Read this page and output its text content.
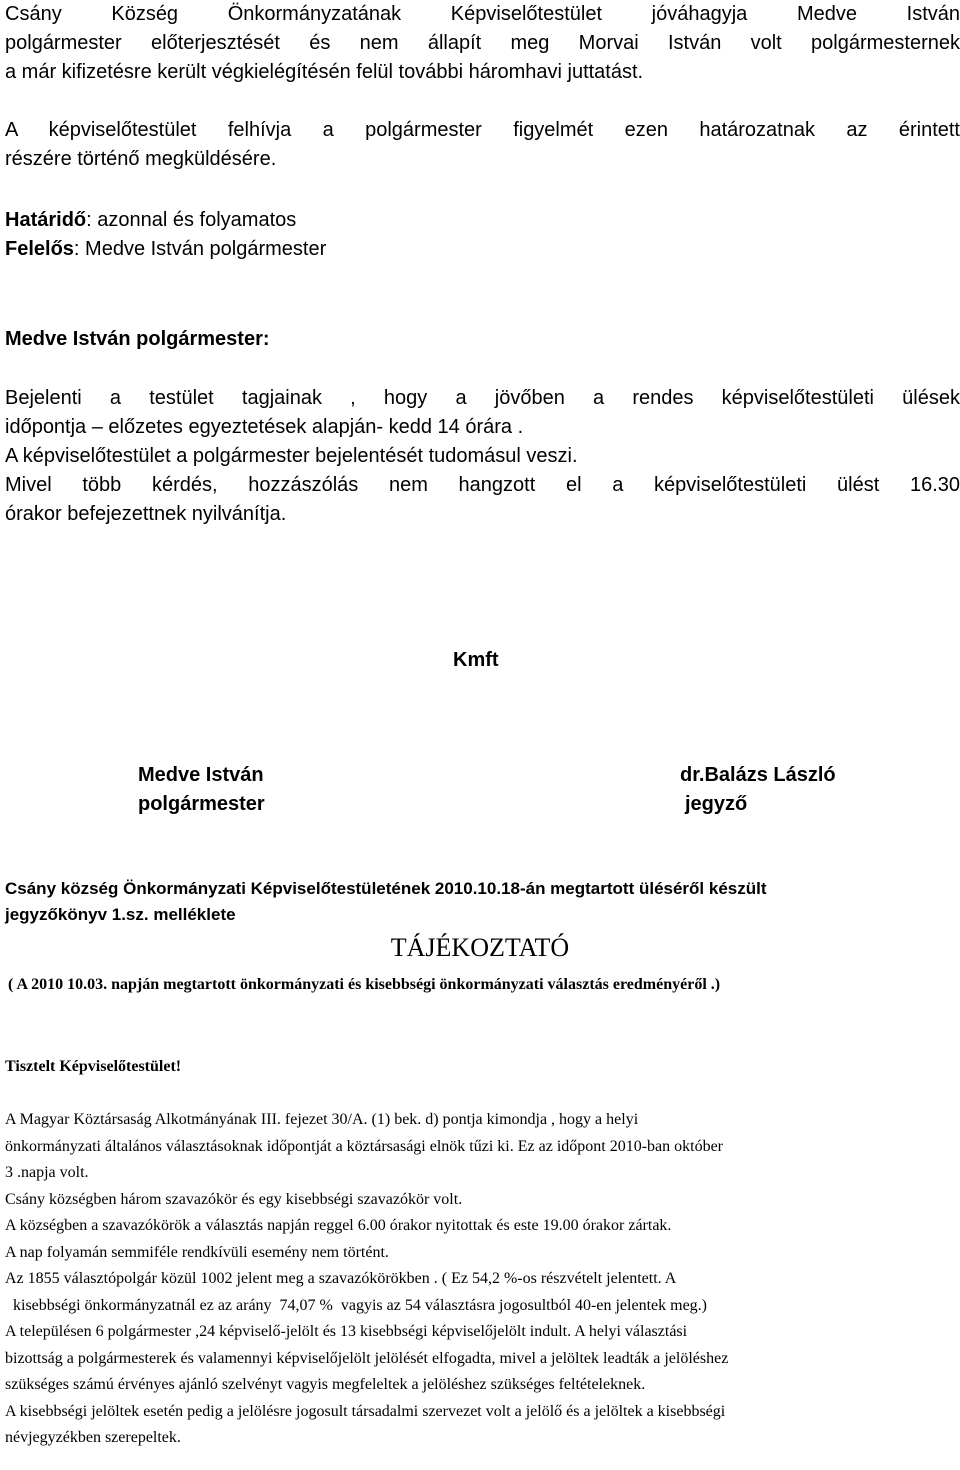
Csány Község Önkormányzatának Képviselőtestület jóváhagyja Medve István

polgármester előterjesztését és nem állapít meg Morvai István volt polgármesternek

a már kifizetésre került végkielégítésén felül további háromhavi juttatást.

A képviselőtestület felhívja a polgármester figyelmét ezen határozatnak az érintett

részére történő megküldésére.

Határidő: azonnal és folyamatos

Felelős: Medve István polgármester

Medve István polgármester:

Bejelenti a testület tagjainak , hogy a jövőben a rendes képviselőtestületi ülések

időpontja – előzetes egyeztetések alapján- kedd 14 órára .

A képviselőtestület a polgármester bejelentését tudomásul veszi.

Mivel több kérdés, hozzászólás nem hangzott el a képviselőtestületi ülést 16.30

órakor befejezettnek nyilvánítja.

Kmft

Medve István

polgármester

dr.Balázs László

jegyző

Csány község Önkormányzati Képviselőtestületének 2010.10.18-án megtartott üléséről készült

jegyzőkönyv 1.sz. melléklete

TÁJÉKOZTATÓ
( A 2010 10.03. napján megtartott önkormányzati és kisebbségi önkormányzati választás eredményéről .)
Tisztelt Képviselőtestület!

A Magyar Köztársaság Alkotmányának III. fejezet 30/A. (1) bek. d) pontja kimondja , hogy a helyi

önkormányzati általános választásoknak időpontját a köztársasági elnök tűzi ki. Ez az időpont 2010-ban október

3 .napja volt.

Csány községben három szavazókör és egy kisebbségi szavazókör volt.

A községben a szavazókörök a választás napján reggel 6.00 órakor nyitottak és este 19.00 órakor zártak.

A nap folyamán semmiféle rendkívüli esemény nem történt.

Az 1855 választópolgár közül 1002 jelent meg a szavazókörökben . ( Ez 54,2 %-os részvételt jelentett. A

kisebbségi önkormányzatnál ez az arány  74,07 %  vagyis az 54 választásra jogosultból 40-en jelentek meg.)

A településen 6 polgármester ,24 képviselő-jelölt és 13 kisebbségi képviselőjelölt indult. A helyi választási

bizottság a polgármesterek és valamennyi képviselőjelölt jelölését elfogadta, mivel a jelöltek leadták a jelöléshez

szükséges számú érvényes ajánló szelvényt vagyis megfeleltek a jelöléshez szükséges feltételeknek.

A kisebbségi jelöltek esetén pedig a jelölésre jogosult társadalmi szervezet volt a jelölő és a jelöltek a kisebbségi

névjegyzékben szerepeltek.
